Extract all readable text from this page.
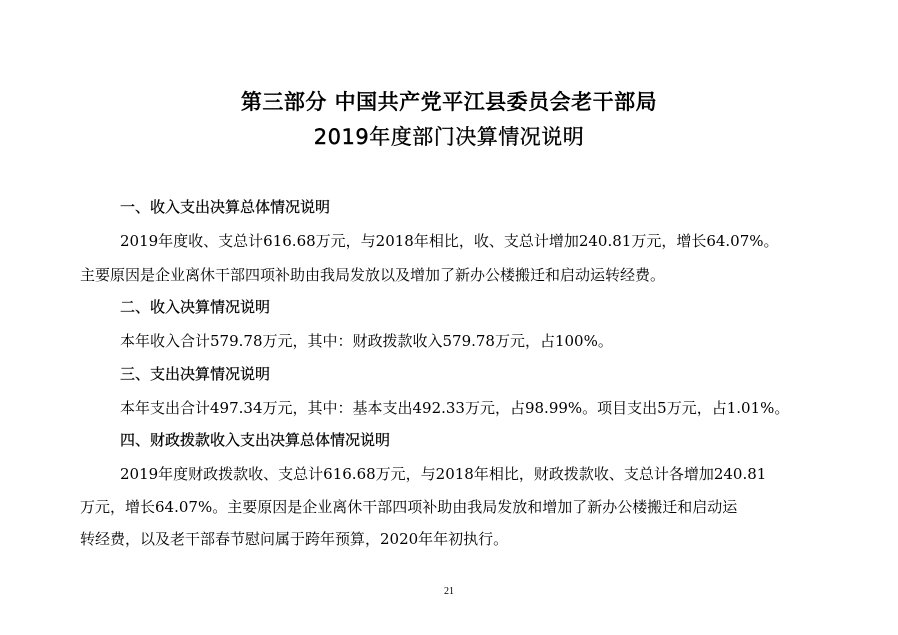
第三部分 中国共产党平江县委员会老干部局
2019年度部门决算情况说明
一、收入支出决算总体情况说明
2019年度收、支总计616.68万元，与2018年相比，收、支总计增加240.81万元，增长64.07%。
主要原因是企业离休干部四项补助由我局发放以及增加了新办公楼搬迁和启动运转经费。
二、收入决算情况说明
本年收入合计579.78万元，其中：财政拨款收入579.78万元，占100%。
三、支出决算情况说明
本年支出合计497.34万元，其中：基本支出492.33万元，占98.99%。项目支出5万元，占1.01%。
四、财政拨款收入支出决算总体情况说明
2019年度财政拨款收、支总计616.68万元，与2018年相比，财政拨款收、支总计各增加240.81
万元，增长64.07%。主要原因是企业离休干部四项补助由我局发放和增加了新办公楼搬迁和启动运
转经费，以及老干部春节慰问属于跨年预算，2020年年初执行。
21
